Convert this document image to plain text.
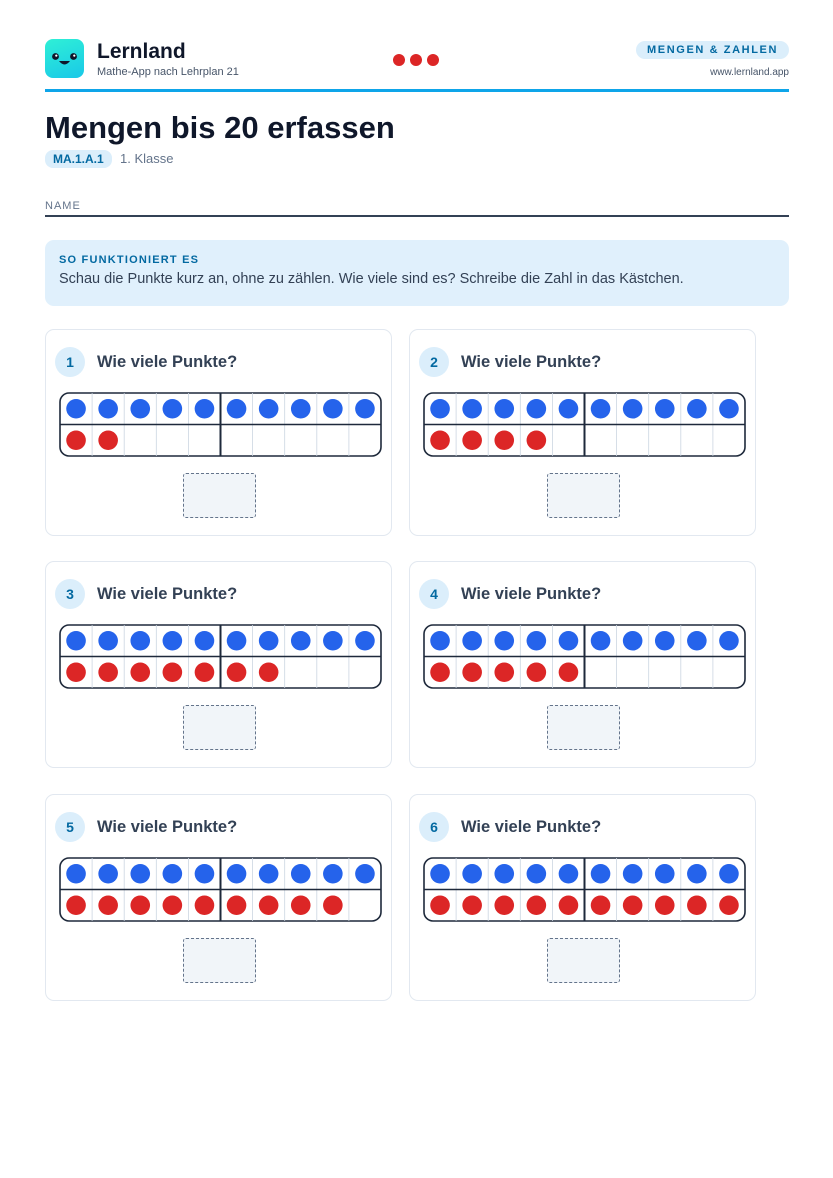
Lernland
Mathe-App nach Lehrplan 21
MENGEN & ZAHLEN
www.lernland.app
Mengen bis 20 erfassen
MA.1.A.1	1. Klasse
NAME
SO FUNKTIONIERT ES
Schau die Punkte kurz an, ohne zu zählen. Wie viele sind es? Schreibe die Zahl in das Kästchen.
1	Wie viele Punkte?	2	Wie viele Punkte?
3	Wie viele Punkte?	4	Wie viele Punkte?
5	Wie viele Punkte?	6	Wie viele Punkte?
